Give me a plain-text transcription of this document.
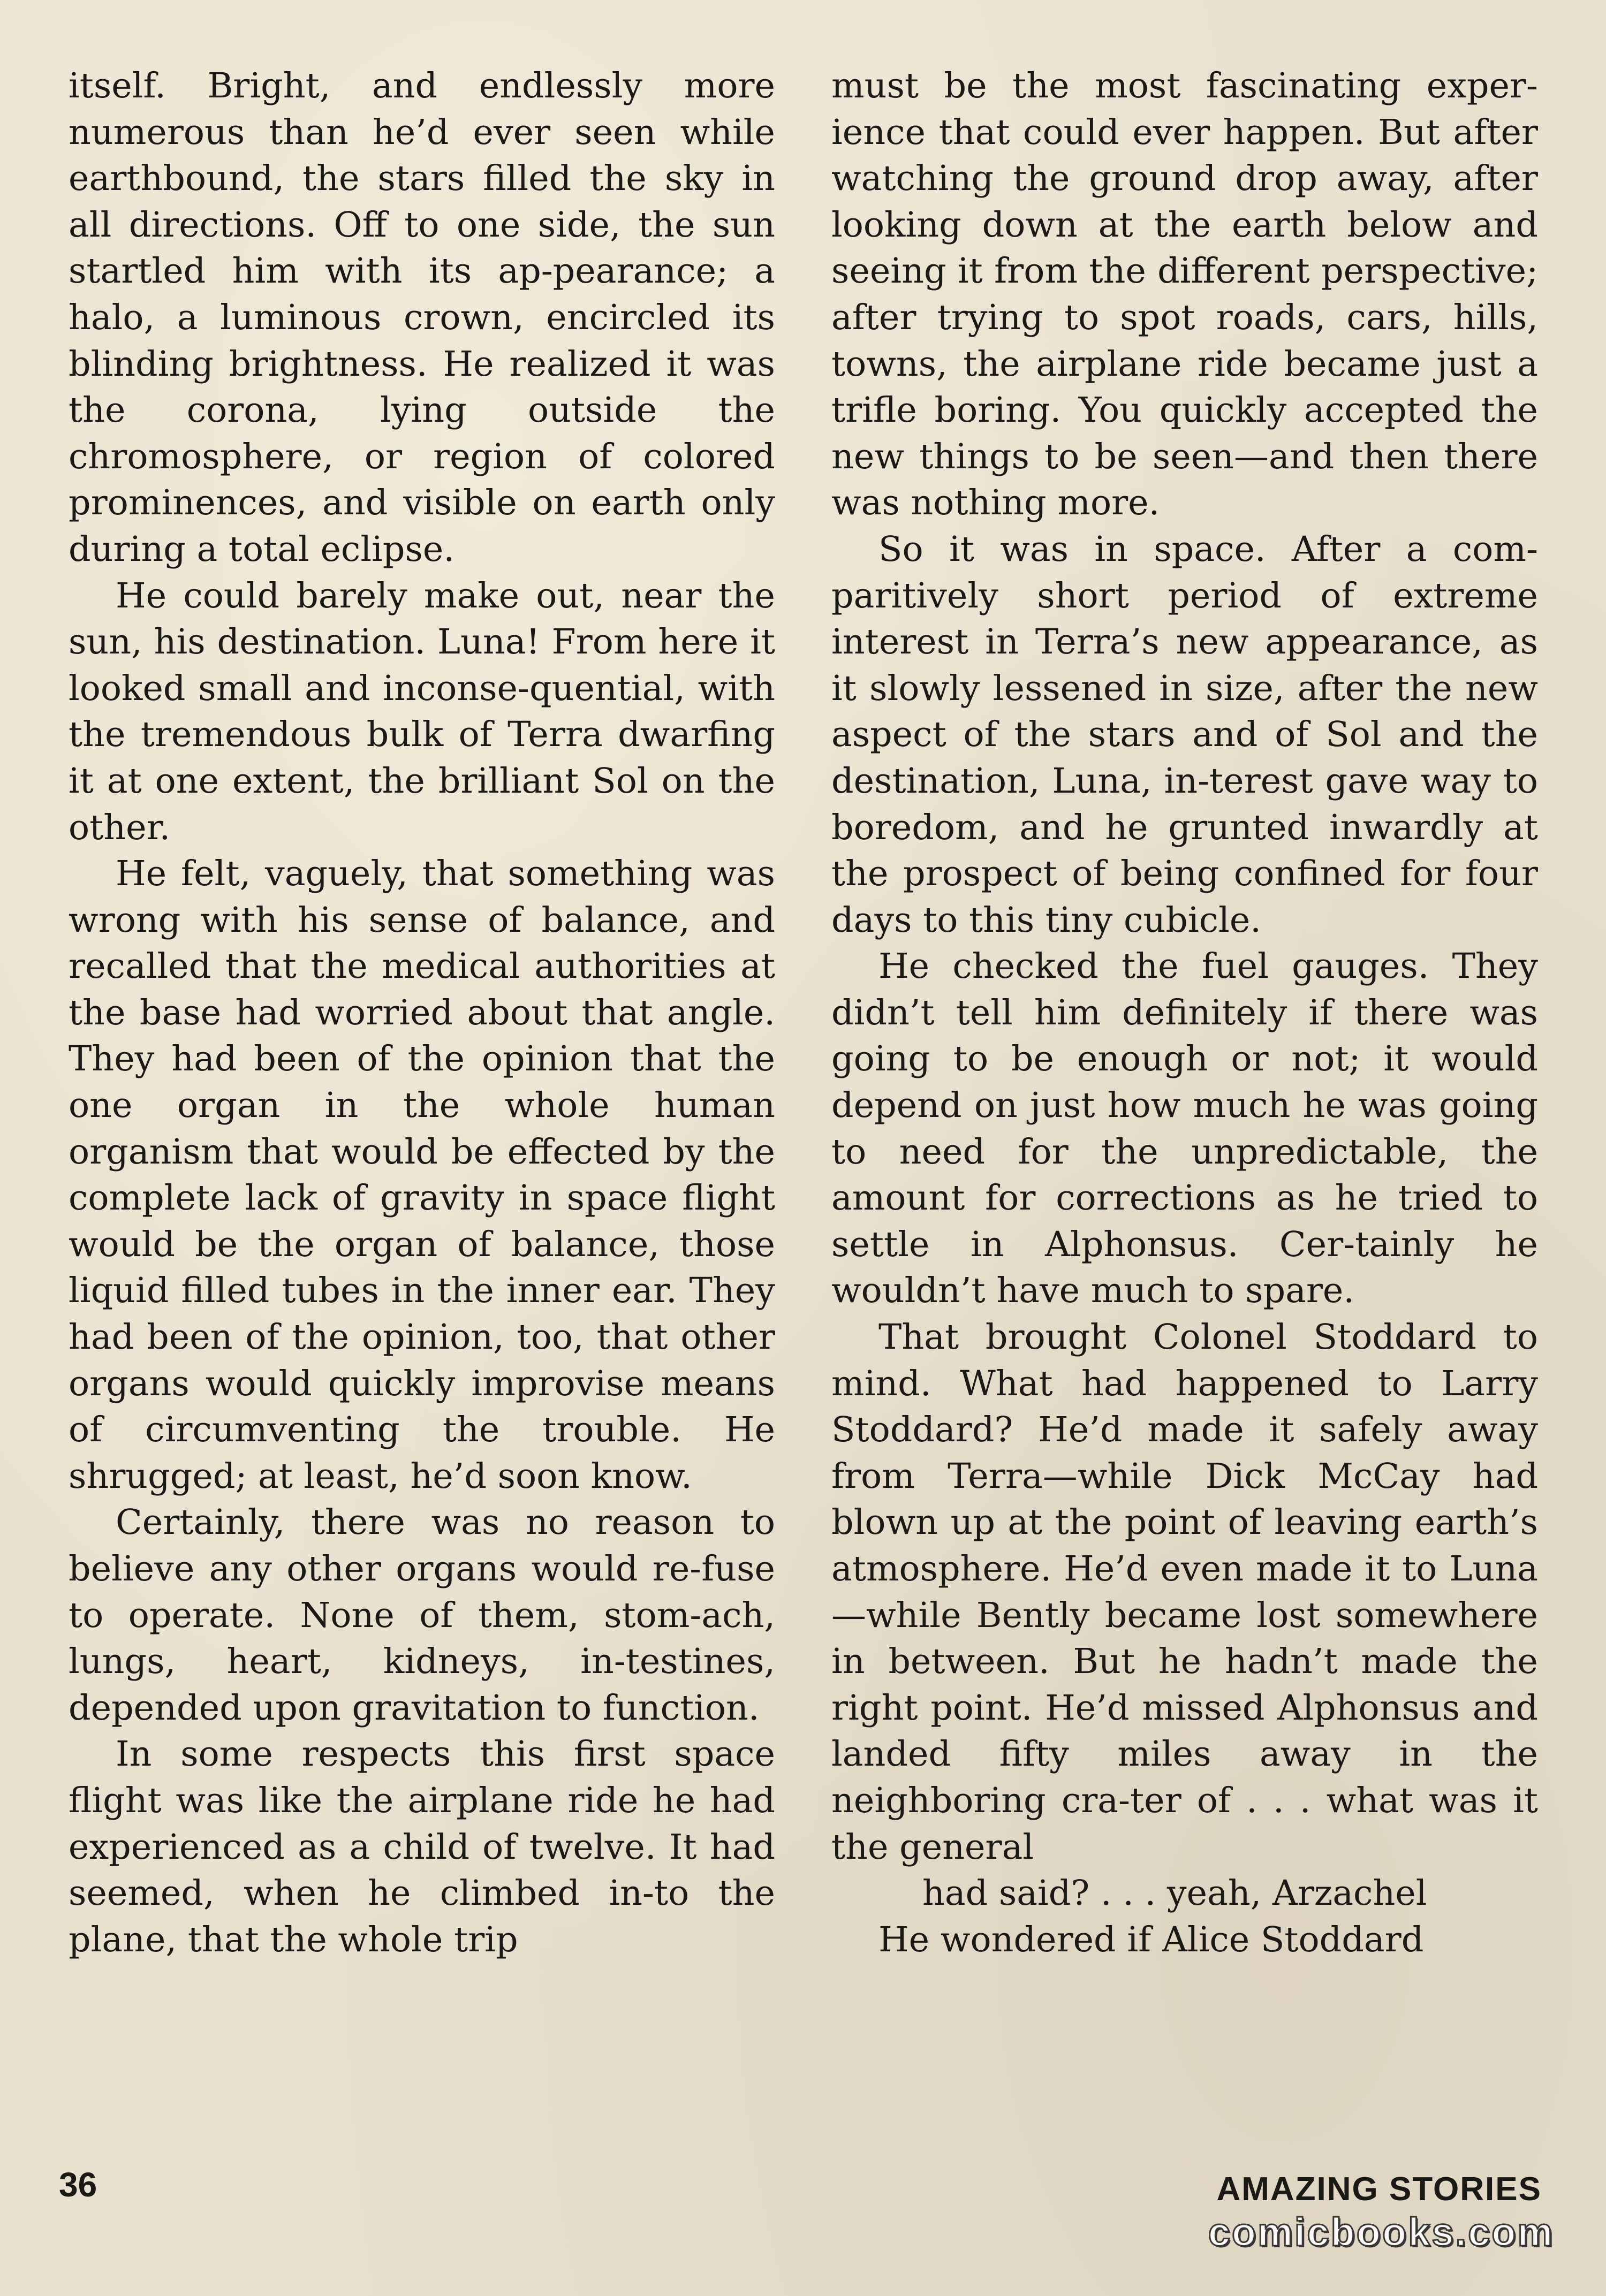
itself. Bright, and endlessly more numerous than he’d ever seen while earthbound, the stars filled the sky in all directions. Off to one side, the sun startled him with its ap-pearance; a halo, a luminous crown, encircled its blinding brightness. He realized it was the corona, lying outside the chromosphere, or region of colored prominences, and visible on earth only during a total eclipse.

He could barely make out, near the sun, his destination. Luna! From here it looked small and inconse-quential, with the tremendous bulk of Terra dwarfing it at one extent, the brilliant Sol on the other.

He felt, vaguely, that something was wrong with his sense of balance, and recalled that the medical authorities at the base had worried about that angle. They had been of the opinion that the one organ in the whole human organism that would be effected by the complete lack of gravity in space flight would be the organ of balance, those liquid filled tubes in the inner ear. They had been of the opinion, too, that other organs would quickly improvise means of circumventing the trouble. He shrugged; at least, he’d soon know.

Certainly, there was no reason to believe any other organs would re-fuse to operate. None of them, stom-ach, lungs, heart, kidneys, in-testines, depended upon gravitation to function.

In some respects this first space flight was like the airplane ride he had experienced as a child of twelve. It had seemed, when he climbed in-to the plane, that the whole trip

must be the most fascinating exper-ience that could ever happen. But after watching the ground drop away, after looking down at the earth below and seeing it from the different perspective; after trying to spot roads, cars, hills, towns, the airplane ride became just a trifle boring. You quickly accepted the new things to be seen—and then there was nothing more.

So it was in space. After a com-paritively short period of extreme interest in Terra’s new appearance, as it slowly lessened in size, after the new aspect of the stars and of Sol and the destination, Luna, in-terest gave way to boredom, and he grunted inwardly at the prospect of being confined for four days to this tiny cubicle.

He checked the fuel gauges. They didn’t tell him definitely if there was going to be enough or not; it would depend on just how much he was going to need for the unpredictable, the amount for corrections as he tried to settle in Alphonsus. Cer-tainly he wouldn’t have much to spare.

That brought Colonel Stoddard to mind. What had happened to Larry Stoddard? He’d made it safely away from Terra—while Dick McCay had blown up at the point of leaving earth’s atmosphere. He’d even made it to Luna—while Bently became lost somewhere in between. But he hadn’t made the right point. He’d missed Alphonsus and landed fifty miles away in the neighboring cra-ter of . . . what was it the general

had said? . . . yeah, Arzachel
He wondered if Alice Stoddard
36	AMAZING STORIES
comicbooks.com
